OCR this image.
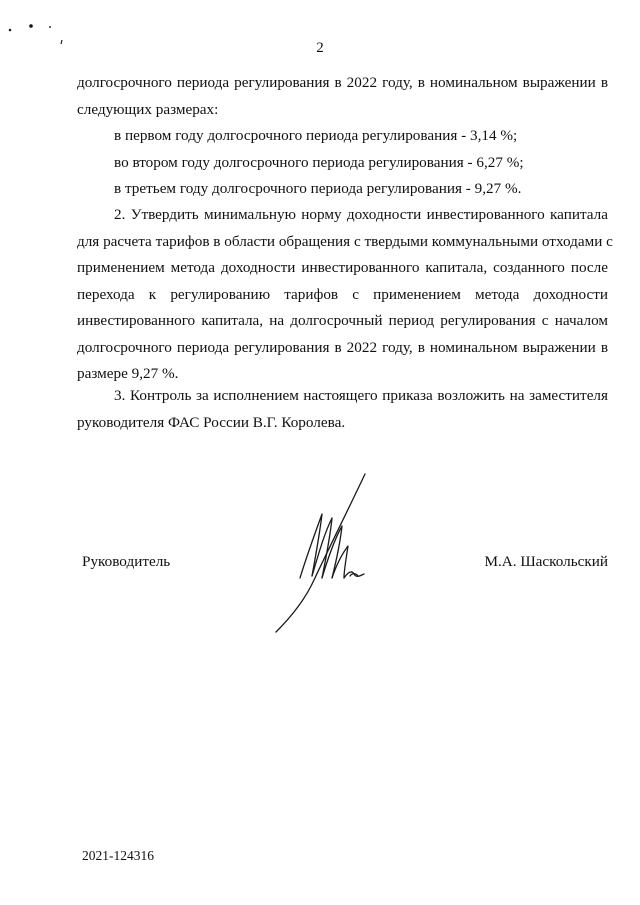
2
долгосрочного периода регулирования в 2022 году, в номинальном выражении в
следующих размерах:
в первом году долгосрочного периода регулирования - 3,14 %;
во втором году долгосрочного периода регулирования - 6,27 %;
в третьем году долгосрочного периода регулирования - 9,27 %.
2. Утвердить минимальную норму доходности инвестированного капитала
для расчета тарифов в области обращения с твердыми коммунальными отходами с
применением метода доходности инвестированного капитала, созданного после
перехода к регулированию тарифов с применением метода доходности
инвестированного капитала, на долгосрочный период регулирования с началом
долгосрочного периода регулирования в 2022 году, в номинальном выражении в
размере 9,27 %.
3. Контроль за исполнением настоящего приказа возложить на заместителя
руководителя ФАС России В.Г. Королева.
Руководитель	М.А. Шаскольский
2021-124316
